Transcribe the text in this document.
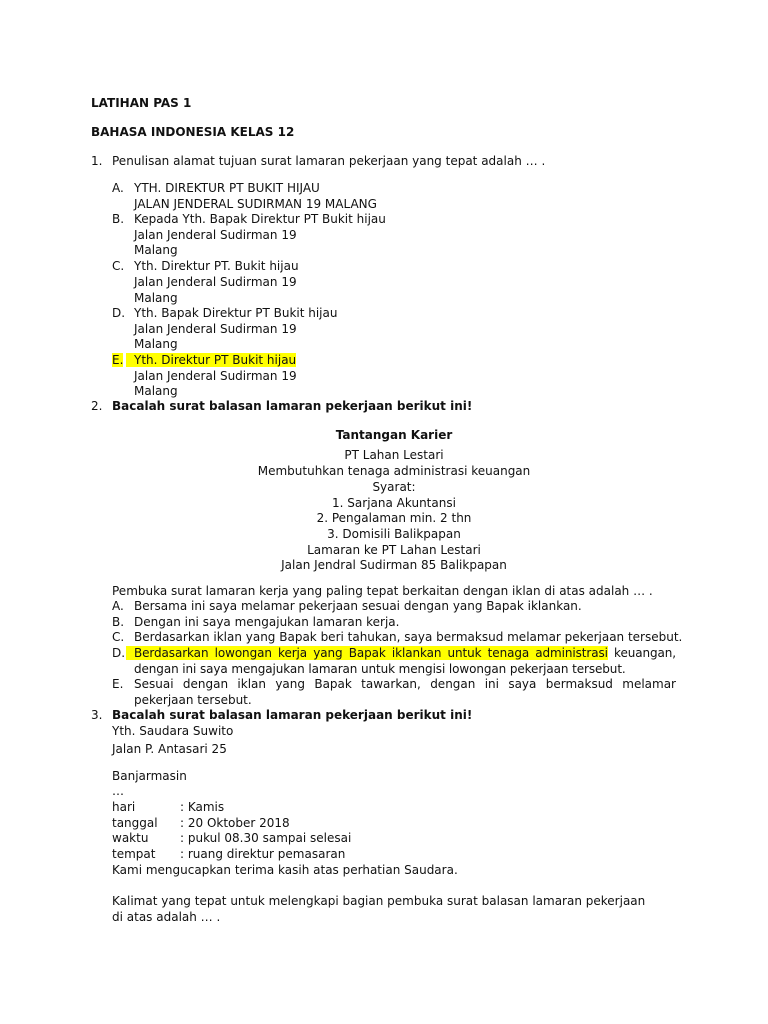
LATIHAN PAS 1
BAHASA INDONESIA KELAS 12
1. Penulisan alamat tujuan surat lamaran pekerjaan yang tepat adalah … .
A. YTH. DIREKTUR PT BUKIT HIJAU
JALAN JENDERAL SUDIRMAN 19 MALANG
B. Kepada Yth. Bapak Direktur PT Bukit hijau
Jalan Jenderal Sudirman 19
Malang
C. Yth. Direktur PT. Bukit hijau
Jalan Jenderal Sudirman 19
Malang
D. Yth. Bapak Direktur PT Bukit hijau
Jalan Jenderal Sudirman 19
Malang
E. Yth. Direktur PT Bukit hijau
Jalan Jenderal Sudirman 19
Malang
2. Bacalah surat balasan lamaran pekerjaan berikut ini!
Tantangan Karier
PT Lahan Lestari
Membutuhkan tenaga administrasi keuangan
Syarat:
1. Sarjana Akuntansi
2. Pengalaman min. 2 thn
3. Domisili Balikpapan
Lamaran ke PT Lahan Lestari
Jalan Jendral Sudirman 85 Balikpapan
Pembuka surat lamaran kerja yang paling tepat berkaitan dengan iklan di atas adalah … .
A. Bersama ini saya melamar pekerjaan sesuai dengan yang Bapak iklankan.
B. Dengan ini saya mengajukan lamaran kerja.
C. Berdasarkan iklan yang Bapak beri tahukan, saya bermaksud melamar pekerjaan tersebut.
D. Berdasarkan lowongan kerja yang Bapak iklankan untuk tenaga administrasi keuangan, dengan ini saya mengajukan lamaran untuk mengisi lowongan pekerjaan tersebut.
E. Sesuai dengan iklan yang Bapak tawarkan, dengan ini saya bermaksud melamar pekerjaan tersebut.
3. Bacalah surat balasan lamaran pekerjaan berikut ini!
Yth. Saudara Suwito
Jalan P. Antasari 25
Banjarmasin
…
hari	: Kamis
tanggal : 20 Oktober 2018
waktu	: pukul 08.30 sampai selesai
tempat : ruang direktur pemasaran
Kami mengucapkan terima kasih atas perhatian Saudara.
Kalimat yang tepat untuk melengkapi bagian pembuka surat balasan lamaran pekerjaan di atas adalah … .
